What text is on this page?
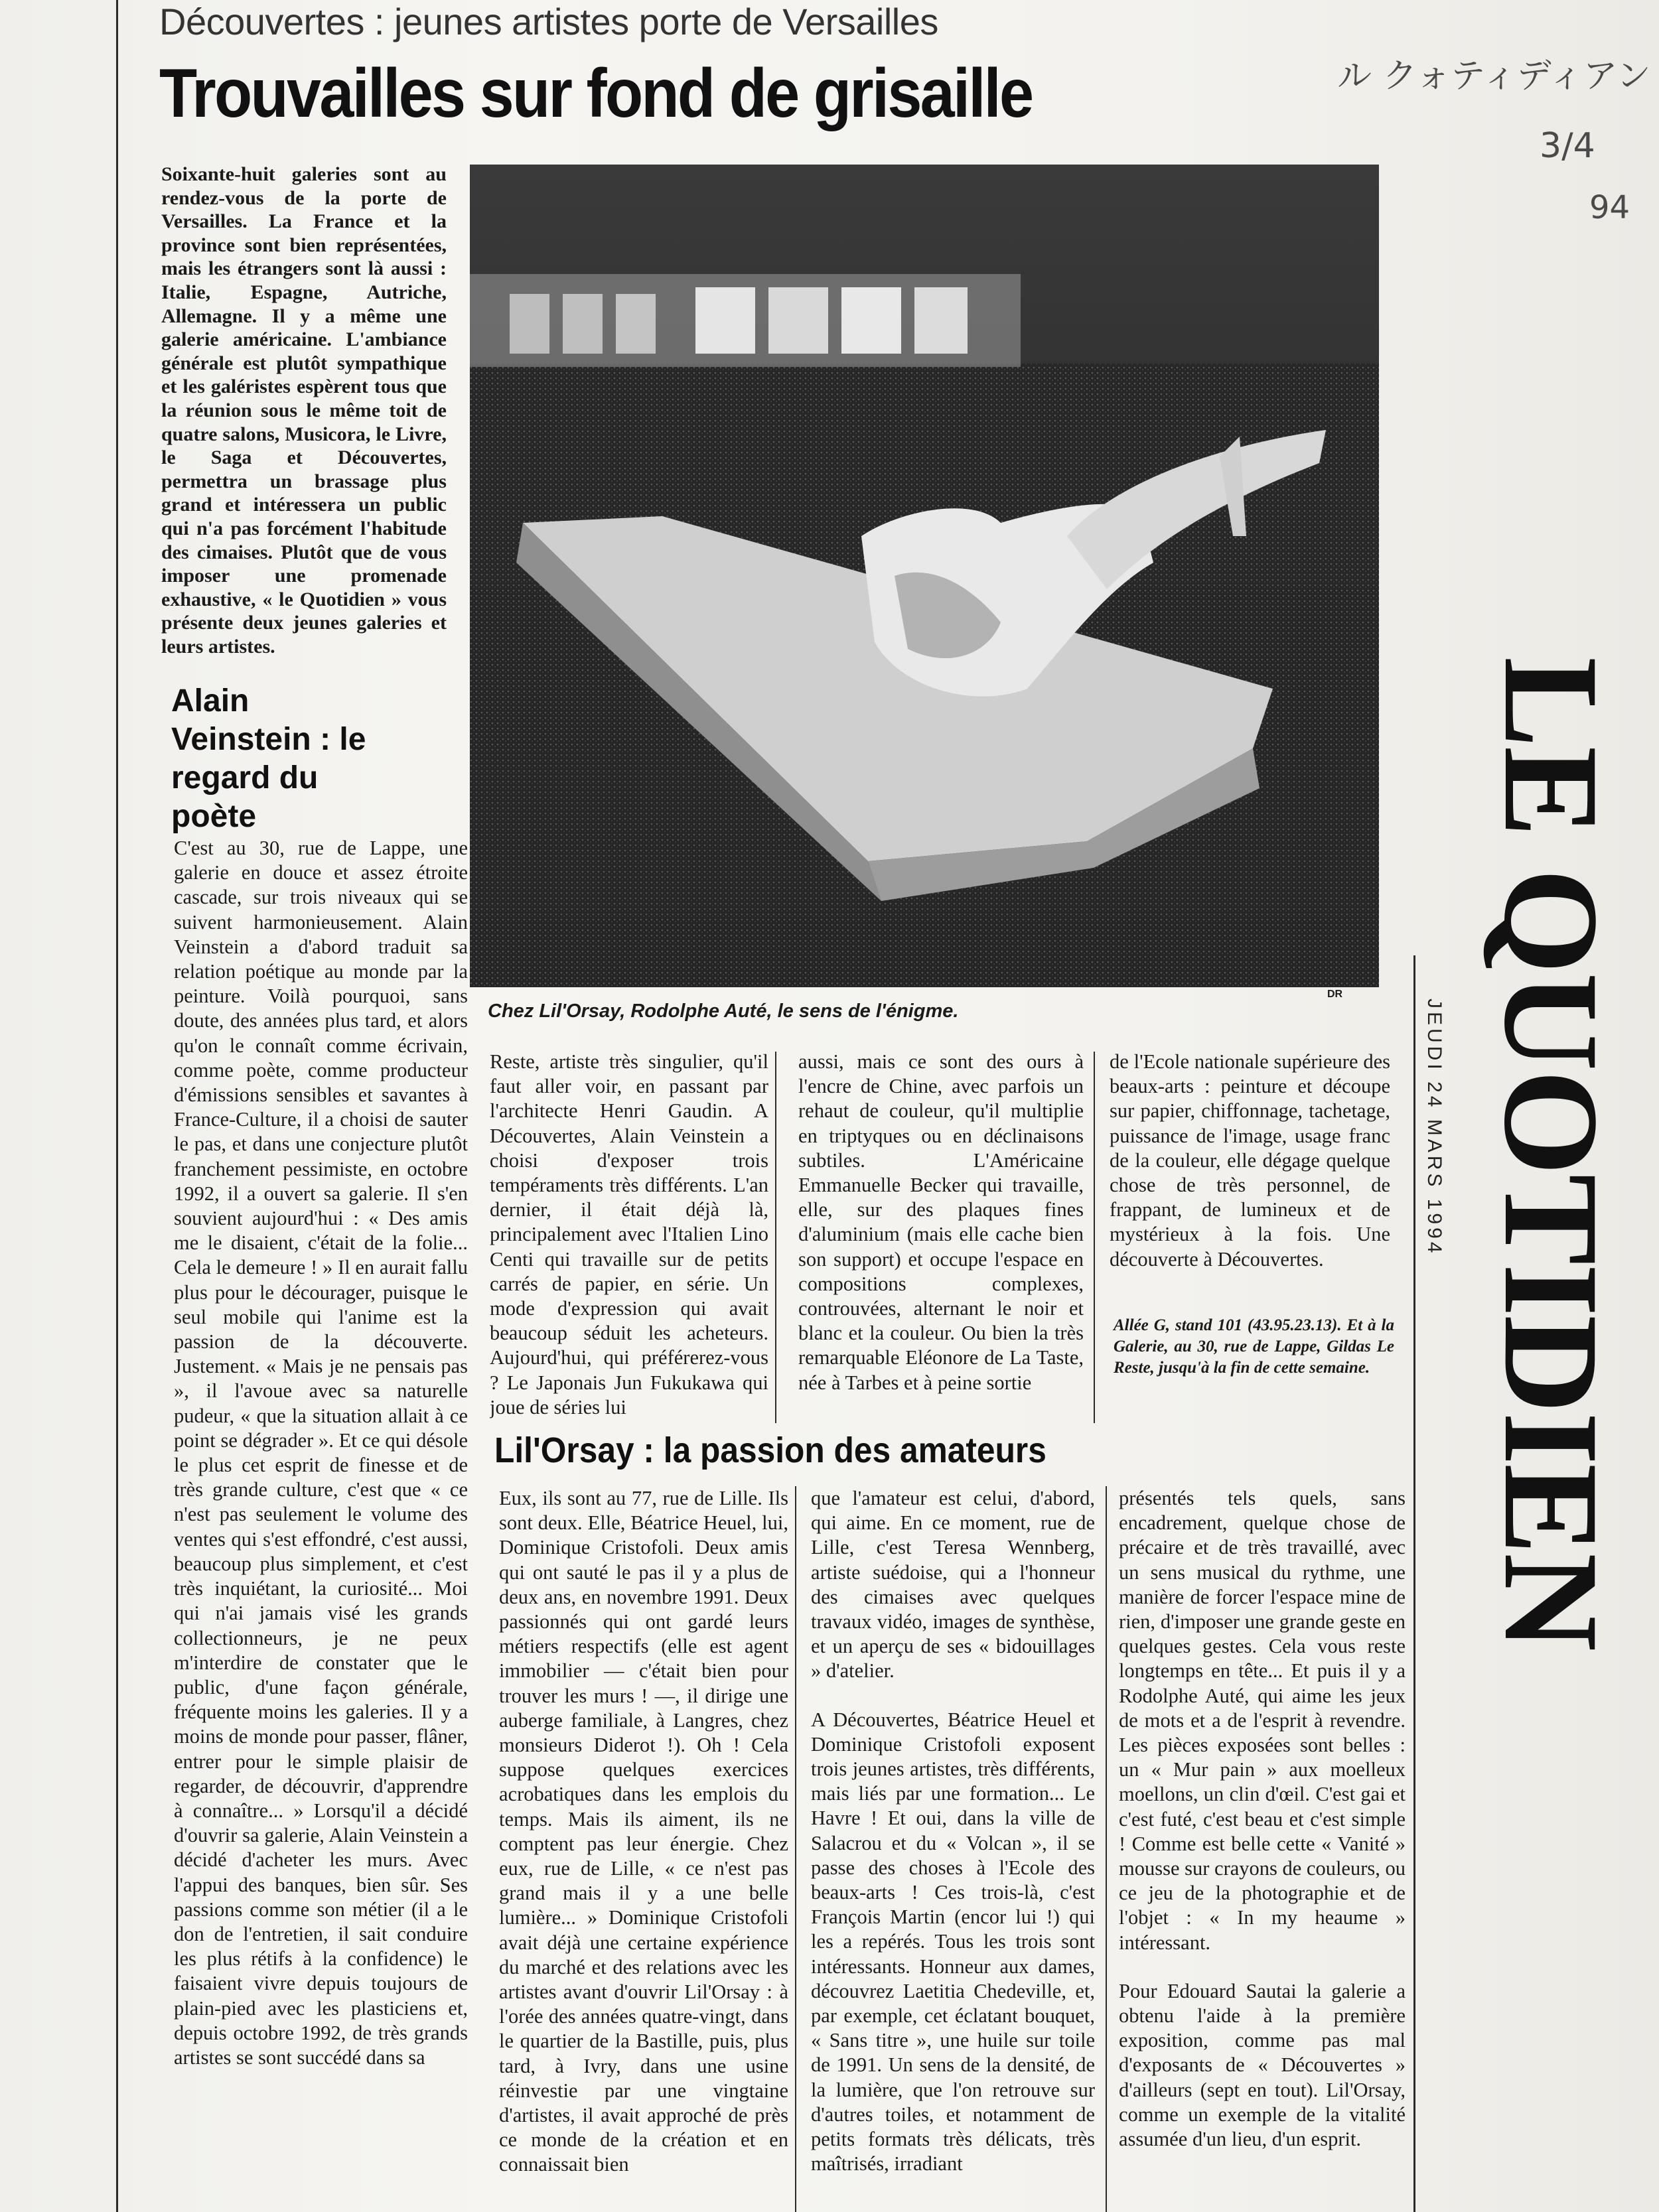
Découvertes : jeunes artistes porte de Versailles
Trouvailles sur fond de grisaille	ル クォティディアン
3/4
94

Soixante-huit galeries sont au rendez-vous de la porte de Versailles. La France et la province sont bien représentées, mais les étrangers sont là aussi : Italie, Espagne, Autriche, Allemagne. Il y a même une galerie américaine. L'ambiance générale est plutôt sympathique et les galéristes espèrent tous que la réunion sous le même toit de quatre salons, Musicora, le Livre, le Saga et Découvertes, permettra un brassage plus grand et intéressera un public qui n'a pas forcément l'habitude des cimaises. Plutôt que de vous imposer une promenade exhaustive, « le Quotidien » vous présente deux jeunes galeries et leurs artistes.

Alain Veinstein : le regard du poète

C'est au 30, rue de Lappe, une galerie en douce et assez étroite cascade, sur trois niveaux qui se suivent harmonieusement. Alain Veinstein a d'abord traduit sa relation poétique au monde par la peinture. Voilà pourquoi, sans doute, des années plus tard, et alors qu'on le connaît comme écrivain, comme poète, comme producteur d'émissions sensibles et savantes à France-Culture, il a choisi de sauter le pas, et dans une conjecture plutôt franchement pessimiste, en octobre 1992, il a ouvert sa galerie. Il s'en souvient aujourd'hui : « Des amis me le disaient, c'était de la folie... Cela le demeure ! » Il en aurait fallu plus pour le décourager, puisque le seul mobile qui l'anime est la passion de la découverte. Justement. « Mais je ne pensais pas », il l'avoue avec sa naturelle pudeur, « que la situation allait à ce point se dégrader ». Et ce qui désole le plus cet esprit de finesse et de très grande culture, c'est que « ce n'est pas seulement le volume des ventes qui s'est effondré, c'est aussi, beaucoup plus simplement, et c'est très inquiétant, la curiosité... Moi qui n'ai jamais visé les grands collectionneurs, je ne peux m'interdire de constater que le public, d'une façon générale, fréquente moins les galeries. Il y a moins de monde pour passer, flâner, entrer pour le simple plaisir de regarder, de découvrir, d'apprendre à connaître... » Lorsqu'il a décidé d'ouvrir sa galerie, Alain Veinstein a décidé d'acheter les murs. Avec l'appui des banques, bien sûr. Ses passions comme son métier (il a le don de l'entretien, il sait conduire les plus rétifs à la confidence) le faisaient vivre depuis toujours de plain-pied avec les plasticiens et, depuis octobre 1992, de très grands artistes se sont succédé dans sa

Chez Lil'Orsay, Rodolphe Auté, le sens de l'énigme.
DR

Reste, artiste très singulier, qu'il faut aller voir, en passant par l'architecte Henri Gaudin. A Découvertes, Alain Veinstein a choisi d'exposer trois tempéraments très différents. L'an dernier, il était déjà là, principalement avec l'Italien Lino Centi qui travaille sur de petits carrés de papier, en série. Un mode d'expression qui avait beaucoup séduit les acheteurs. Aujourd'hui, qui préférerez-vous ? Le Japonais Jun Fukukawa qui joue de séries lui

aussi, mais ce sont des ours à l'encre de Chine, avec parfois un rehaut de couleur, qu'il multiplie en triptyques ou en déclinaisons subtiles. L'Américaine Emmanuelle Becker qui travaille, elle, sur des plaques fines d'aluminium (mais elle cache bien son support) et occupe l'espace en compositions complexes, controuvées, alternant le noir et blanc et la couleur. Ou bien la très remarquable Eléonore de La Taste, née à Tarbes et à peine sortie

de l'Ecole nationale supérieure des beaux-arts : peinture et découpe sur papier, chiffonnage, tachetage, puissance de l'image, usage franc de la couleur, elle dégage quelque chose de très personnel, de frappant, de lumineux et de mystérieux à la fois. Une découverte à Découvertes.

Allée G, stand 101 (43.95.23.13). Et à la Galerie, au 30, rue de Lappe, Gildas Le Reste, jusqu'à la fin de cette semaine.

Lil'Orsay : la passion des amateurs

Eux, ils sont au 77, rue de Lille. Ils sont deux. Elle, Béatrice Heuel, lui, Dominique Cristofoli. Deux amis qui ont sauté le pas il y a plus de deux ans, en novembre 1991. Deux passionnés qui ont gardé leurs métiers respectifs (elle est agent immobilier — c'était bien pour trouver les murs ! —, il dirige une auberge familiale, à Langres, chez monsieurs Diderot !). Oh ! Cela suppose quelques exercices acrobatiques dans les emplois du temps. Mais ils aiment, ils ne comptent pas leur énergie. Chez eux, rue de Lille, « ce n'est pas grand mais il y a une belle lumière... » Dominique Cristofoli avait déjà une certaine expérience du marché et des relations avec les artistes avant d'ouvrir Lil'Orsay : à l'orée des années quatre-vingt, dans le quartier de la Bastille, puis, plus tard, à Ivry, dans une usine réinvestie par une vingtaine d'artistes, il avait approché de près ce monde de la création et en connaissait bien

que l'amateur est celui, d'abord, qui aime. En ce moment, rue de Lille, c'est Teresa Wennberg, artiste suédoise, qui a l'honneur des cimaises avec quelques travaux vidéo, images de synthèse, et un aperçu de ses « bidouillages » d'atelier.

A Découvertes, Béatrice Heuel et Dominique Cristofoli exposent trois jeunes artistes, très différents, mais liés par une formation... Le Havre ! Et oui, dans la ville de Salacrou et du « Volcan », il se passe des choses à l'Ecole des beaux-arts ! Ces trois-là, c'est François Martin (encor lui !) qui les a repérés. Tous les trois sont intéressants. Honneur aux dames, découvrez Laetitia Chedeville, et, par exemple, cet éclatant bouquet, « Sans titre », une huile sur toile de 1991. Un sens de la densité, de la lumière, que l'on retrouve sur d'autres toiles, et notamment de petits formats très délicats, très maîtrisés, irradiant

présentés tels quels, sans encadrement, quelque chose de précaire et de très travaillé, avec un sens musical du rythme, une manière de forcer l'espace mine de rien, d'imposer une grande geste en quelques gestes. Cela vous reste longtemps en tête... Et puis il y a Rodolphe Auté, qui aime les jeux de mots et a de l'esprit à revendre. Les pièces exposées sont belles : un « Mur pain » aux moelleux moellons, un clin d'œil. C'est gai et c'est futé, c'est beau et c'est simple ! Comme est belle cette « Vanité » mousse sur crayons de couleurs, ou ce jeu de la photographie et de l'objet : « In my heaume » intéressant.

Pour Edouard Sautai la galerie a obtenu l'aide à la première exposition, comme pas mal d'exposants de « Découvertes » d'ailleurs (sept en tout). Lil'Orsay, comme un exemple de la vitalité assumée d'un lieu, d'un esprit.

LE QUOTIDIEN
JEUDI 24 MARS 1994
